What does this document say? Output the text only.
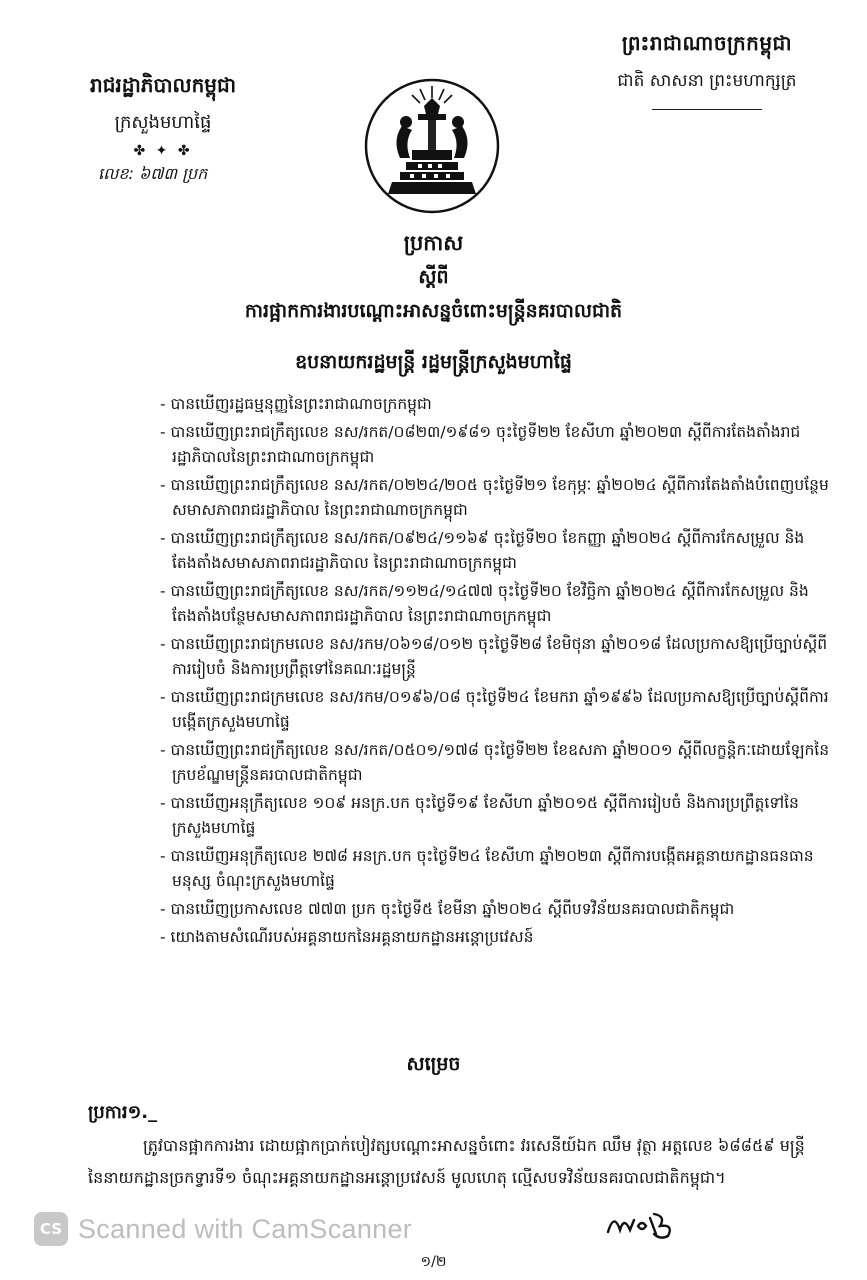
ព្រះរាជាណាចក្រកម្ពុជា
ជាតិ សាសនា ព្រះមហាក្សត្រ
រាជរដ្ឋាភិបាលកម្ពុជា
ក្រសួងមហាផ្ទៃ
✤ ✦ ✤
លេខ: ៦៧៣ ប្រក
ប្រកាស
ស្ដីពី
ការផ្អាកការងារបណ្ដោះអាសន្នចំពោះមន្ត្រីនគរបាលជាតិ
ឧបនាយករដ្ឋមន្ត្រី រដ្ឋមន្ត្រីក្រសួងមហាផ្ទៃ
- បានឃើញរដ្ឋធម្មនុញ្ញនៃព្រះរាជាណាចក្រកម្ពុជា
- បានឃើញព្រះរាជក្រឹត្យលេខ នស/រកត/០៨២៣/១៩៨១ ចុះថ្ងៃទី២២ ខែសីហា ឆ្នាំ២០២៣ ស្ដីពីការតែងតាំងរាជរដ្ឋាភិបាលនៃព្រះរាជាណាចក្រកម្ពុជា
- បានឃើញព្រះរាជក្រឹត្យលេខ នស/រកត/០២២៤/២០៥ ចុះថ្ងៃទី២១ ខែកុម្ភៈ ឆ្នាំ២០២៤ ស្ដីពីការតែងតាំងបំពេញបន្ថែមសមាសភាពរាជរដ្ឋាភិបាល នៃព្រះរាជាណាចក្រកម្ពុជា
- បានឃើញព្រះរាជក្រឹត្យលេខ នស/រកត/០៩២៤/១១៦៩ ចុះថ្ងៃទី២០ ខែកញ្ញា ឆ្នាំ២០២៤ ស្ដីពីការកែសម្រួល និងតែងតាំងសមាសភាពរាជរដ្ឋាភិបាល នៃព្រះរាជាណាចក្រកម្ពុជា
- បានឃើញព្រះរាជក្រឹត្យលេខ នស/រកត/១១២៤/១៤៧៧ ចុះថ្ងៃទី២០ ខែវិច្ឆិកា ឆ្នាំ២០២៤ ស្ដីពីការកែសម្រួល និងតែងតាំងបន្ថែមសមាសភាពរាជរដ្ឋាភិបាល នៃព្រះរាជាណាចក្រកម្ពុជា
- បានឃើញព្រះរាជក្រមលេខ នស/រកម/០៦១៨/០១២ ចុះថ្ងៃទី២៨ ខែមិថុនា ឆ្នាំ២០១៨ ដែលប្រកាសឱ្យប្រើច្បាប់ស្ដីពីការរៀបចំ និងការប្រព្រឹត្តទៅនៃគណៈរដ្ឋមន្ត្រី
- បានឃើញព្រះរាជក្រមលេខ នស/រកម/០១៩៦/០៨ ចុះថ្ងៃទី២៤ ខែមករា ឆ្នាំ១៩៩៦ ដែលប្រកាសឱ្យប្រើច្បាប់ស្ដីពីការបង្កើតក្រសួងមហាផ្ទៃ
- បានឃើញព្រះរាជក្រឹត្យលេខ នស/រកត/០៥០១/១៧៨ ចុះថ្ងៃទី២២ ខែឧសភា ឆ្នាំ២០០១ ស្ដីពីលក្ខន្តិកៈដោយឡែកនៃក្របខ័ណ្ឌមន្ត្រីនគរបាលជាតិកម្ពុជា
- បានឃើញអនុក្រឹត្យលេខ ១០៩ អនក្រ.បក ចុះថ្ងៃទី១៩ ខែសីហា ឆ្នាំ២០១៥ ស្ដីពីការរៀបចំ និងការប្រព្រឹត្តទៅនៃក្រសួងមហាផ្ទៃ
- បានឃើញអនុក្រឹត្យលេខ ២៧៨ អនក្រ.បក ចុះថ្ងៃទី២៤ ខែសីហា ឆ្នាំ២០២៣ ស្ដីពីការបង្កើតអគ្គនាយកដ្ឋានធនធានមនុស្ស ចំណុះក្រសួងមហាផ្ទៃ
- បានឃើញប្រកាសលេខ ៧៧៣ ប្រក ចុះថ្ងៃទី៥ ខែមីនា ឆ្នាំ២០២៤ ស្ដីពីបទវិន័យនគរបាលជាតិកម្ពុជា
- យោងតាមសំណើរបស់អគ្គនាយកនៃអគ្គនាយកដ្ឋានអន្តោប្រវេសន៍
សម្រេច
ប្រការ១._
ត្រូវបានផ្អាកការងារ ដោយផ្អាកប្រាក់បៀវត្សបណ្ដោះអាសន្នចំពោះ វរសេនីយ៍ឯក ឈឹម វុត្ថា អត្តលេខ ៦៨៨៥៩ មន្ត្រី នៃនាយកដ្ឋានច្រកទ្វារទី១ ចំណុះអគ្គនាយកដ្ឋានអន្តោប្រវេសន៍ មូលហេតុ ល្មើសបទវិន័យនគរបាលជាតិកម្ពុជា។
CS Scanned with CamScanner
១/២
